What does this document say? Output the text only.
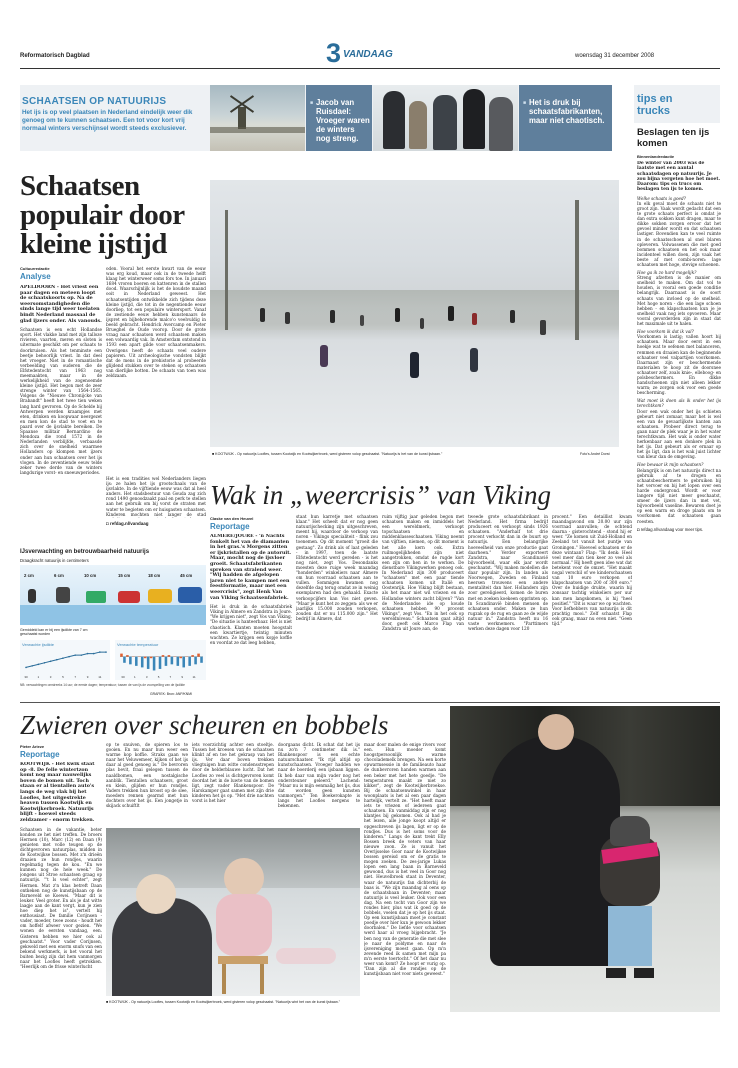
Reformatorisch Dagblad	3 VANDAAG	woensdag 31 december 2008
SCHAATSEN OP NATUURIJS
Het ijs is op veel plaatsen in Nederland eindelijk weer dik genoeg om te kunnen schaatsen. Een tot voor kort vrij normaal winters verschijnsel wordt steeds exclusiever.
■ Jacob van Ruisdael: Vroeger waren de winters nog streng.
■ Het is druk bij schaatsfabrikanten, maar niet chaotisch.
tips en
trucks
Beslagen ten ijs komen
Binnenlandredactie
De winter van 2003 was de laatste met een aantal schaatsdagen op natuurijs. Je zou bijna vergeten hoe het moet. Daarom: tips en trucs om beslagen ten ijs te komen.
Welke schaats is goed?
In elk geval moet de schaats niet te groot zijn. Vaak wordt gedacht dat een te grote schaats perfect is omdat je dan extra sokken kunt dragen, maar te dikke sokken zorgen ervoor dat het gevoel minder wordt en dat schaatsen lastiger. Bovendien kan te veel ruimte in de schaatsschoen al snel blaren opleveren. Volwassenen die met goed bommen schaatsen en het ook maar incidenteel willen doen, zijn vaak het beste af met combi-noren: lage schaatsen met hoge, stevige schoenen.
Hoe ga ik zo hard mogelijk?
Streng afzetten is de manier om snelheid te maken. Om dat vol te houden, is vooral een goede conditie belangrijk. Daarnaast is de soort schaats van invloed op de snelheid. Met hoge noren - die een lage schoen hebben - en klapschaatsen kun je je snelheid vaak nog iets opvoeren. Maar vooral gevorderden zijn in staat dat het maximale uit te halen.
Hoe voorkom ik dat ik val?
Voorkomen is lastig; vallen hoort bij schaatsen. Maar door eerst in een hoekje wat te oefenen met balanceren, remmen en draaien kan de beginnende schaatser veel valpartijen voorkomen. Daarnaast zijn er beschermende materialen te koop zit de doorsnee schaatser zelf, zoals knie-, elleboog- en polsbeschermers. En dikke handschoenen zijn niet alleen lekker warm; ze zorgen ook voor een goede bescherming.
Wat moet ik doen als ik onder het ijs terechtkom?
Door een wak onder het ijs schieten gebeurt niet zomaar, maar het is wel een van de gevaarlijkste kanten aan schaatsen. Probeer direct terug te gaan naar de plek waar je in het water terechtkwam. Het wak is onder water herkenbaar aan een donkere plek in het ijs. Dat gebeurt als er ernaar op het ijs ligt, dan is het wak juist lichter van kleur dan de omgeving.
Hoe bewaar ik mijn schaatsen?
Belangrijk is om het natuurijs direct na gebruik af te drogen en schaatsbeschermers te gebruiken bij het vervoer en bij het lopen over een harde ondergrond. Wordt er voor langere tijd niet meer geschaatst, smeer de ijzers dan in met vet, bijvoorbeeld vaseline. Bewaren doet je op een warm en droge plaats om te voorkomen dat schaatsen gaan roesten.
◘ refdag.nl/vandaag voor meer tips.
Schaatsen populair door kleine ijstijd
Cultuurredactie
Analyse
APELDOORN - Het vriest een paar dagen en meteen loopt de schaatskoorts op. Na de weersomstandigheden die sinds lange tijd weer toelaten bindt Nederland massaal de glad ijzers onder. Als vanouds.
Schaatsen is een echt Hollandse sport. Het vlakke land met zijn talloze rivieren, vaarten, meren en sloten is uitermate geschikt om per schaats te doorkruisen. Als het tenminste een beetje behoorlijk vriest. In dat deel het vroeger. Niet in de romantische verbeelding van ouderen die de Elfstedentocht van 1963 nog meemaakten, maar in de werkelijkheid van de zogenoemde kleine ijstijd. Het begon met de zeer strenge winter van 1564-1565. Volgens de "Nieuwe Chronijcke van Brabandt" heeft het twee tien weken lang hard gevroren. Op de Schelde bij Antwerpen werden kraampjes met eten, drinken en koopwaar neergezet en men kon de stad te voet en te paard over de ijsvlakte bereiken. De Spaanse militair Bernardino de Mendoza die rond 1572 in de Nederlanden verblijfde, verbaasde zich over de snelheid waarmee Hollanders op klompen met ijzers onder aan hun schaatsen over het ijs vlogen. In de zeventiende eeuw telde zeker twee derde van de winters langdurige vorst- en sneeuwperiodes.
oden. Vooral het eerste kwart van de eeuw was erg koud, maar ook in de tweede helft klaag het winterweer soms fors toe. In januari 1684 vroren boeren en kattenren in de stallen dood. Waarschijnlijk is het de koudste maand ooit in Nederland geweest. Het schaatsentijden ontwikkelde zich tijdens deze kleine ijstijd, die tot in de negentiende eeuw doorliep, tot een populaire wintersport. Vanaf de zestiende eeuw hebben kunstenaars de ijspret en bijbehorende malco'o veelvuldig in beeld gebracht. Hendrick Avercamp en Pieter Brueghel de Oude voorop. Door de grote vraag naar schaatsen werd schaatsen maken een volwaardig vak. In Amsterdam ontstond in 1593 een apart gilde voor schaatsenmakers. Overigens heeft de schaats veel oudere papieren. Uit archeologische vondsten blijkt dat de mens in de prehistorie al probeerde glijdend stukken over te steken op schaatsen van dierlijke botten. De schaats van toen was zeldzaam.
Het is een tradities wel Nederlanders liegen ijs: ze halen het ijs grootschaals van de ijsvlakte. In de vijftiende eeuw was dat al heel anders. Het stadsbestuur van Gouda zag zich rond 1490 genoodzaakt paal en perk te stellen aan het gebruik om bij vorst de straten met water te begieten om er huisgasten schaatsen. Kinderen mochten niet langer de stad
◘ refdag.nl/vandaag
■ KOOTWIJK - Op natuurijs Loofles, tussen Kootwijk en Kootwijkerbroek, werd gisteren volop geschaatst. "Natuurijs is het van de kunst ijsbaan."	Foto's André Dorst
IJsverwachting en betrouwbaarheid natuurijs
Draagkracht natuurijs in centimeters
2 cm	6 cm	10 cm	15 cm	18 cm	45 cm
Gemiddeld kan er bij een ijsdikte van 7 cm geschaatst worden
Verwachte ijsdikte
30	1	3	5	7	9	11
Verwachte temperatuur
30	1	3	5	7	9	11
NB: verwachtingen omstreeks 14 uur; de eerste dagen; temperatuur; tussen de van ijs de voorspelling van de ijsdikte
GRAFIEK: Bron: ANP/KNMI
Wak in „weercrisis” van Viking
Claske van den Heuvel
Reportage
ALMERE/JOURE - 'n Nachts fonkelt het van de diamanten in het gras.'s Morgens zitten er ijskristallen op de autoruit. Maar, mocht nog de ijsvloer groeit. Schaatsfabrikanten spreken van stralend weer. "Wij hadden de afgelopen jaren niet te kampen met een feestformatie, maar met een weercrisis", zegt Henk Van van Viking Schaatsenfabriek.
Het is druk in de schaatsfabriek Viking in Almere en Zandstra in Joure. "We krijgen niet", zegt Vos van Viking. "De situatie is hanteerbaar. Het is niet chaotisch. Klanten moeten hoogstalt een kwartiertje, twintig minuten wachten. Ze krijgen een kopje koffie en voordat ze dat leeg hebben,
staat hun karretje met schaatsen klaar." Het scheelt dat er nog geen natuurijschecking zijn uitgeschreven, meent hij, waardoor de verkoop van noren - Vikings specialiteit - flink zou toenemen. Op dit moment "groeit die gestaag". Zo drink als of laat geleden - in 1997, toen de laatste Elfstedentocht werd gereden - is het nog niet, zegt Vos. Desondanks moesten deze ruige week maandag "honderden" winkeliers naar Almere om hun voorraad schaatsen aan te vullen. Sommigen kwamen nog dezelfde dag terug omdat ze in weinig exemplaren had den gehaald. Exacte verkoopcijfers kan Vos niet geven. "Maar je kunt het zo zeggen: als we er jaarlijks 15.000 zouden verkopen, zouden dat er nu 115.000 zijn." Het bedrijf in Almere, dat
ruim vijftig jaar geleden begon met schaatsen maken en inmiddels het een wereldmerk, verkoopt topschaatsen en middenklasseschaatsen. Viking neemt van vijftien, niemen, op dit moment is het alle kern ook. Extra ruilmogelijkheden zijn niet aangetrokken, omdat de rugde kort een zijn om hen in te werken. De dienstbare Vikingwerken genoeg ook. In Nederland zijn 300 produceert "schaatsen" met een paar tiende schaatsen komen uit Italië en Oostenrijk. Hoe Viking blijft bestaan, als het maar niet wil vriezen en de Hollandse winters zacht blijven? "Van de Nederlandse ide op koude schaatsen hebben 90 procent Vikings", zegt Vos. "En in het ook op wereldniveau." Schaatsen gaat altijd door, geeft ook Marco Flap van Zandstra uit Joure aan, de
tweede grote schaatsfabrikant in Nederland. Het firma bedrijf produceert en verkoopt sinds 1926 schaatsen. "Anderhalf tot drie procent verkocht dan in de buurt op natuurijs. Een belangrijke hoeveelheid van onze productie gaat daarheen." Verder exporteert Zandstra, naar Scandinavië bijvoorbeeld, waar elk jaar wordt geschaatst. "Wij maken modellen die daar populair zijn. In landen als Noorwegen, Zweden en Finland heersen trouwens een andere mentaliteit dan hier. Hollanders zijn zoor gereligieerd, komen de buren met en zoeken koekeen opprinten op. In Scandinavië binden mensen de schaatsen onder. Maken ze hun rugzak op de rug en gaan ze de wijde natuur in." Zandstra heeft nu 16 vaste werknemers. "Parttimers werken deze dagen voor 120
procent." Een detaillist kwam maandagavond om 20.00 uur zijn voorraad aanvullen; de ochtend daarna - gisterochtend - stond hij er weer. "Ze komen uit Zuid-Holland en Zeeland tot vanuit het puntje van Groningen." Hoeveel schaatsen er de deze wintaan? Flap: "Ik denk: Heel veel meer dan tien keer zo veel als normaal." Hij heeft geen idee wat dat betekent voor de omzet. "Het maakt nogal verschil of we kinderschaatsen van 10 euro verkopen of klapschaatsen van 200 of 300 euro." Over de huidige drukte, waarin hij zonsaar tachtig winkeliers per uur kan men langskomen, is hij "heel positief." "Dit is waar we op wachten. Voor liefhebbers van natuurijs is dit prachtig mooi." Zelf schaatst Flap ook graag, maar nu even niet. "Geen tijd."
Zwieren over scheuren en bobbels
Pieter Arieze
Reportage
KOOTWIJK - Het kwik staat op -8. De felle wintertzon komt nog maar nauwelijks boven de bomen uit. Toch staan er al tientallen auto's langs de weg vlak bij het Loofles, het uitgestrekte heaven tussen Kootwijk en Kootwijkerbroek. Natuurijs blijft - hoewel steeds zeldzamer - enorm trekken.
Schaatsen in de vakantie, beter konden ze het niet treffen. De broers Hermen (10), Marc (12) en Daan (9) genieten met volle teugen op de dichtgevroren natuurplas, midden in de Kootwijkse bossen. Met z'n drieën draaien ze hun rondjes, waarin regelmatig tegen de kou. "En we kunnen nog de hele week." De jongens uit Stroe schaatsen graag op natuurijs. "'t Is veel echter", zegt Hermen. Mat z'n klas betreft Daan ontkeken nog de kunstijsbaan op de Barneveld se Koewei. "Maar dit is leuker. Veel groter. En als je dat witte laagje aan de kant vergt, kun je zien hoe diep het is", vertelt hij enthousiast. De familie Corijnsen - vader, moeder, twee zoons - houdt het om hoffelf afweer voor gezien. "We wonen de eersten vandaag, een. Gisteren hebben we hier ook al geschaatst." Voor vader Corijnsen, gekweld met een enorm snufs van een bekend werkmerk, is het vooral het buiten bezig zijn dat hem vanmorgen naar het Loofles heeft getrokken. "Heerlijk om de frisse winterlucht
op te snuiven, de spieren los te gooien. En nu maar hun weer een warme kop koffie. Straks gaan we naar het Veluwemeer, kijken of het ijs daar al goed genoeg is." De bevroren plas bevit, fraai gelegen tussen de naaldbomen, een nostalgische aanblik. Tientallen schaatsers, groot en klein, glijden er hun rondjes. Vaders trekken hun kroost op de slee, moeders rennen gearmd met hun dochters over het ijs. Een jongetje in skijack schuiftlt
iets voorzichtig achter een stoeltje. Tussen het kroesen van de schaatsen klinkt af en toe het gekrasp van het ijs. Ver daar boven trekken vliegtuigen hun witte condensstrepen door de helderblauwe lucht. Dat het Loofles zo veel is dichtgevroren komt doordat het in de luwte van de bomen ligt, zegt vader Blankenspoor. De Harskamper gaat samen met zijn drie kinderen het ijs op. "Met drie nachten vorst is het hier
doorgaans dicht. Ik schat dat het ijs nu zo'n 7 centimeter dik is." Blankenspoor is een echte natuurschaatser. "Ik rijd altijd op kunstschaatsen. Vroeger hadden we naar de boerderij een ijsbaan liggen. Ik heb daar van mijn vader nog het ondersteuner geleerd." Lachend: "Maar nu is mijn eenmalig het ijs, dus dat worden geen kunsten vanmorgen." Ten Boekerokapte is langs het Loofles nergens te bekennen.
maar door malen de enige rivers voor een. Hun moeder komt hoogstpersoonlijk warme chocolademelk brengen. Na een korte opwarmsessie in de familieauto haar de dunbevroren handen warmen aan een beker met het hete goedje. "De temperaturen maakt ze niet zo kikker", zegt de Kootwijkerbroekse. Bij de schaatsenwinkel in haar woonplaats is het al een paar dagen hartelijk, vertelt ze. "Het heeft maar iets te vriezen of iedereen gaat schaatsen. En vanmiddag zijn er nog klantjes bij gekomen. Ook al had je het lezen, alle jonge koopt altijd er opgeschreven ijs lagen, ligt er op de rondjes. Dus is het soms voor de kinderen." Langs de kant trekt Elly Bossen breek de veters van haar nieuwe zoon. Ze is vanuit het Overijsselse Goor naar de Kootwijkse bossen gereisd om er de gratis te mogen zoeken. De zes-jarige Lukas lopen een lang baan in Barneveld gewoond, dus is het veel in Goor nog niet. Heuvelbroek staat in Deventer, waar de natuurijs fan dichterbij de baas is. "We zijn maandag al oens op de schaatsbaan in Deventer; maar natuurijs is veel leuker. Ook voor een dag. Na een tocht van Goor zijn we rondes hier, plus wat ik goed op de bobbels, voelen dat je op het ijs staat. Op een kunstijsbaan moet je constant poedje over hier kun je gewoon lekker doorbalen." De liefde voor schaatsen werd haar al vroeg bijgebracht. "Je ben nog van de generatie die met slee je naar de poldyme en naar de ijsvereniging moest gaan. Op m'n zevende reed ik samen met mijn pa m'n eerste toertocht." Of het daar nu weer van komt? Ze hoopt er vurig op. "Dan zijn al die rondjes op de kunstijsbaan niet voor niets geweest."
■ KOOTWIJK - Op natuurijs Loofles, tussen Kootwijk en Kootwijkerbroek, werd gisteren volop geschaatst. "Natuurijs wint het van de kunst ijsbaan."
